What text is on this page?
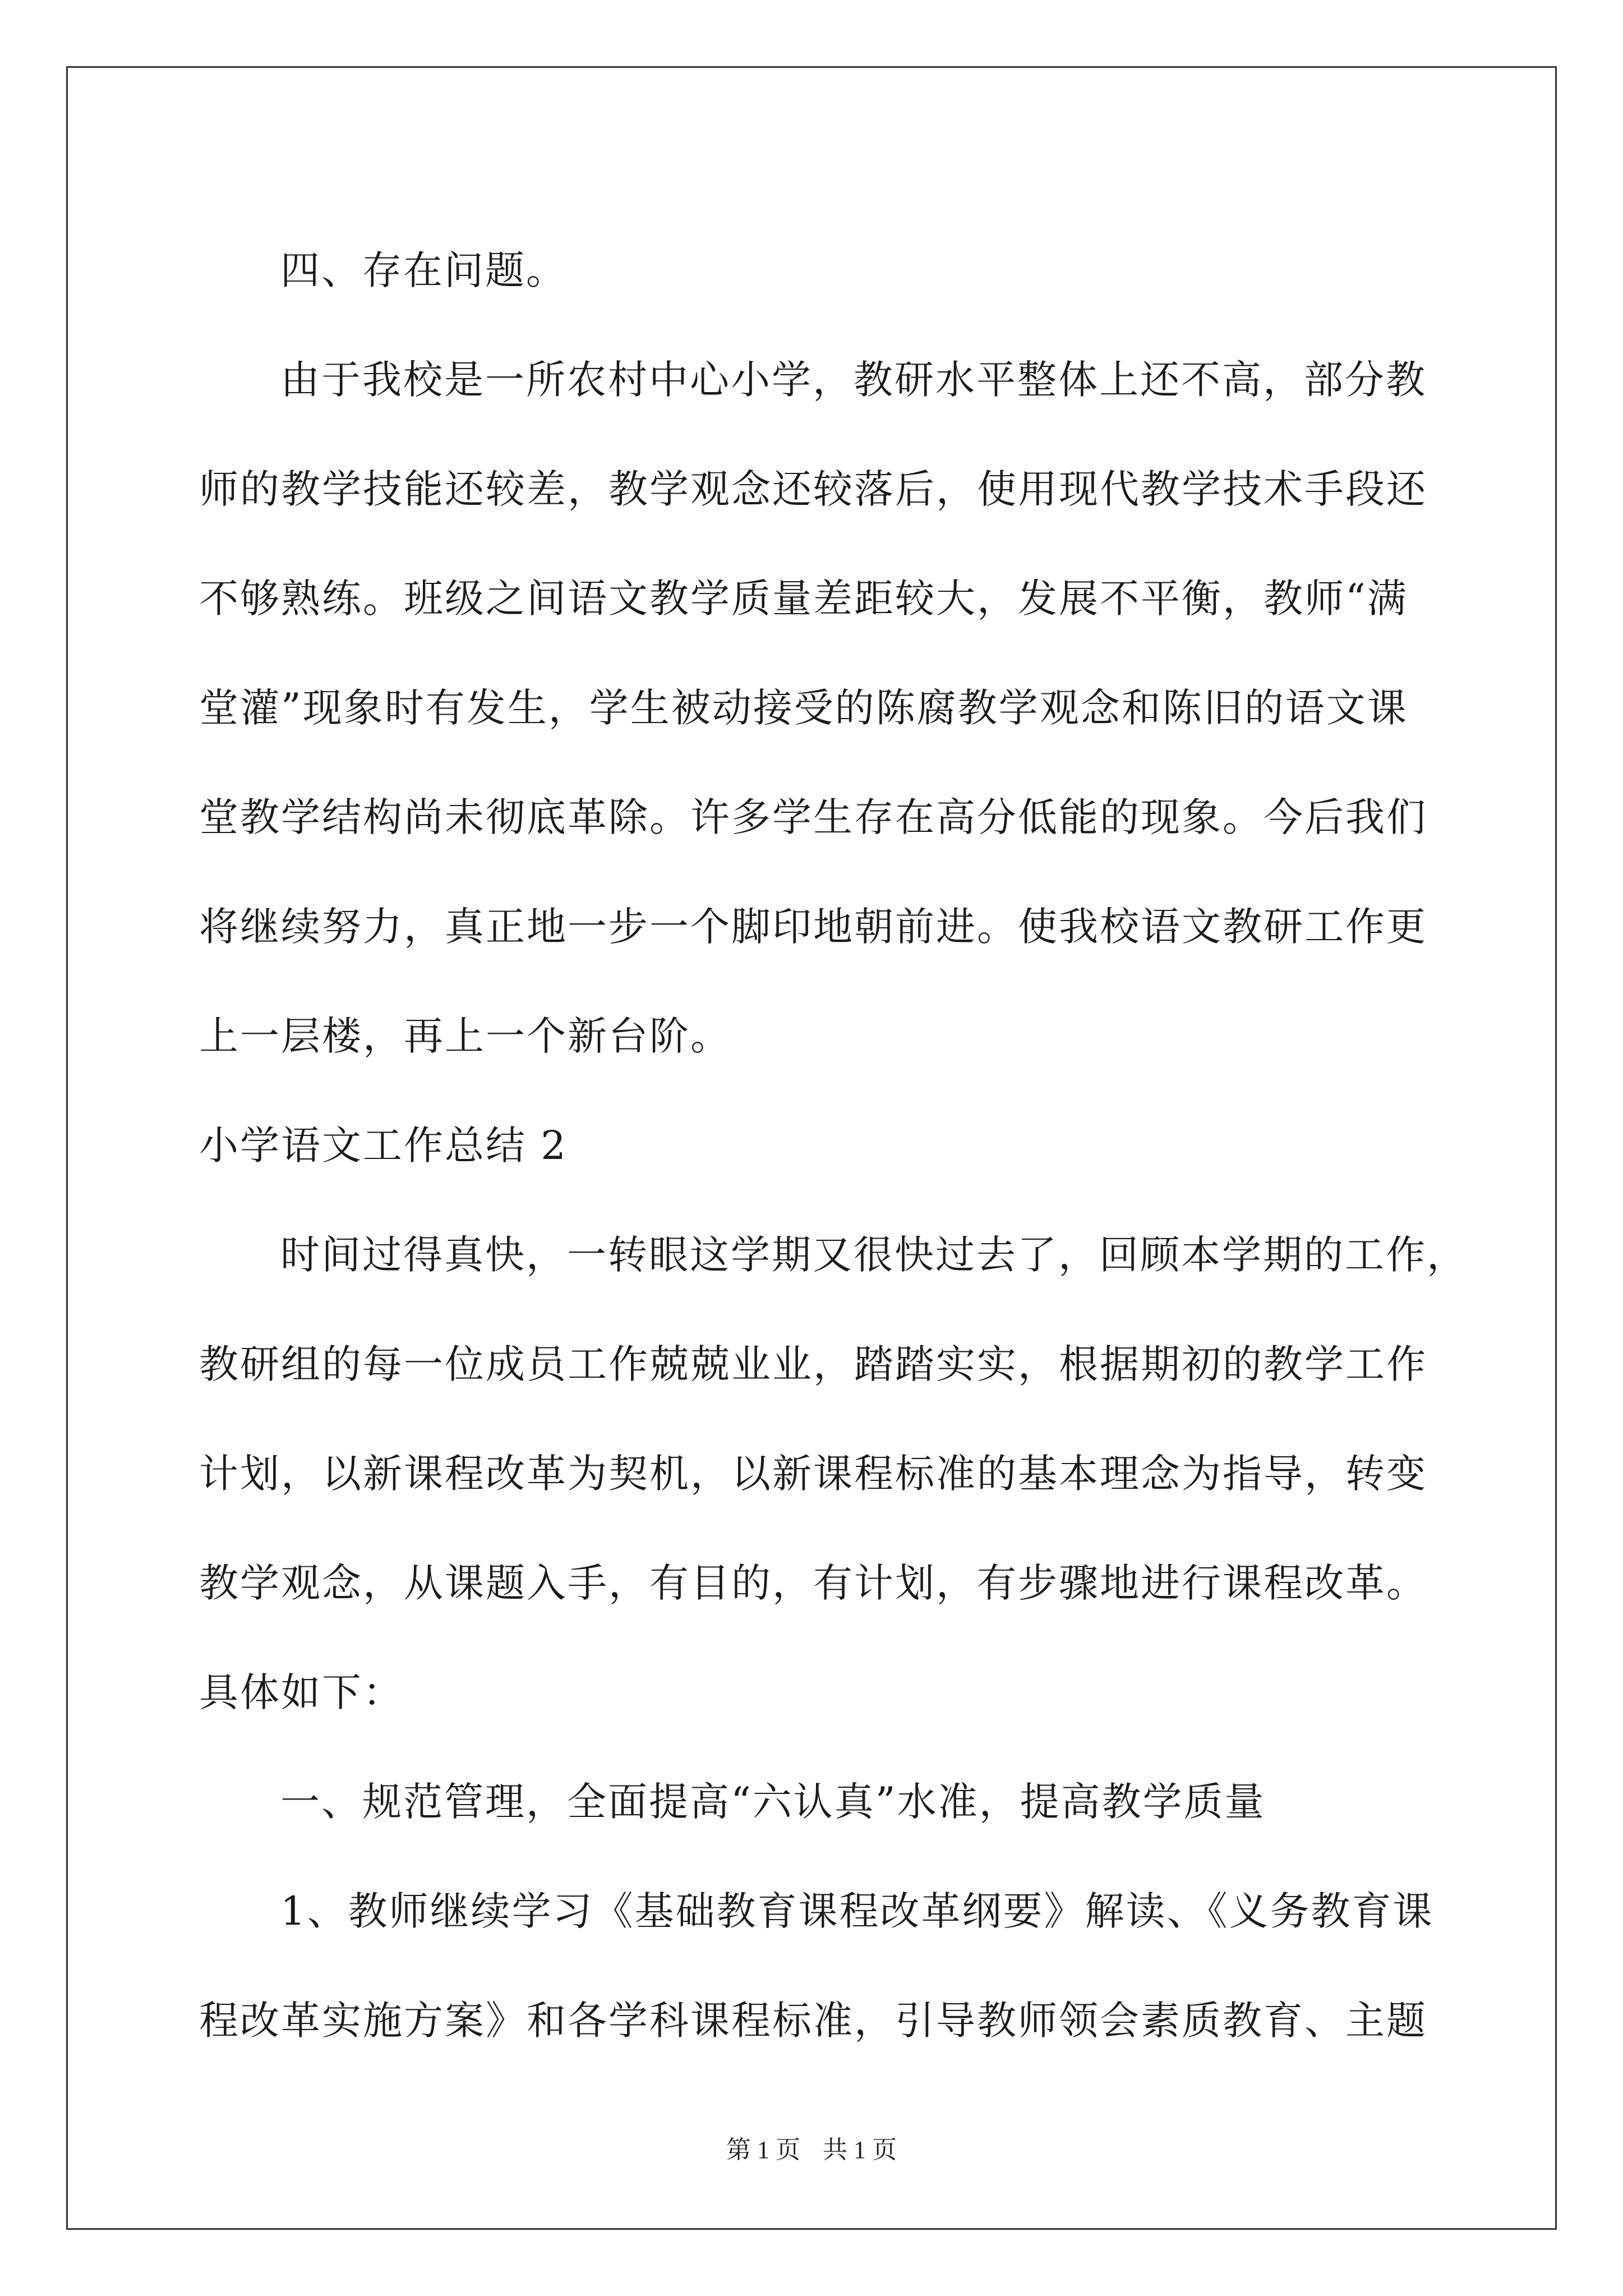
四、存在问题。
由于我校是一所农村中心小学，教研水平整体上还不高，部分教
师的教学技能还较差，教学观念还较落后，使用现代教学技术手段还
不够熟练。班级之间语文教学质量差距较大，发展不平衡，教师“满
堂灌”现象时有发生，学生被动接受的陈腐教学观念和陈旧的语文课
堂教学结构尚未彻底革除。许多学生存在高分低能的现象。今后我们
将继续努力，真正地一步一个脚印地朝前进。使我校语文教研工作更
上一层楼，再上一个新台阶。
小学语文工作总结 2
时间过得真快，一转眼这学期又很快过去了，回顾本学期的工作，
教研组的每一位成员工作兢兢业业，踏踏实实，根据期初的教学工作
计划，以新课程改革为契机，以新课程标准的基本理念为指导，转变
教学观念，从课题入手，有目的，有计划，有步骤地进行课程改革。
具体如下：
一、规范管理，全面提高“六认真”水准，提高教学质量
1、教师继续学习《基础教育课程改革纲要》解读、《义务教育课
程改革实施方案》和各学科课程标准，引导教师领会素质教育、主题
第 1 页 共 1 页
